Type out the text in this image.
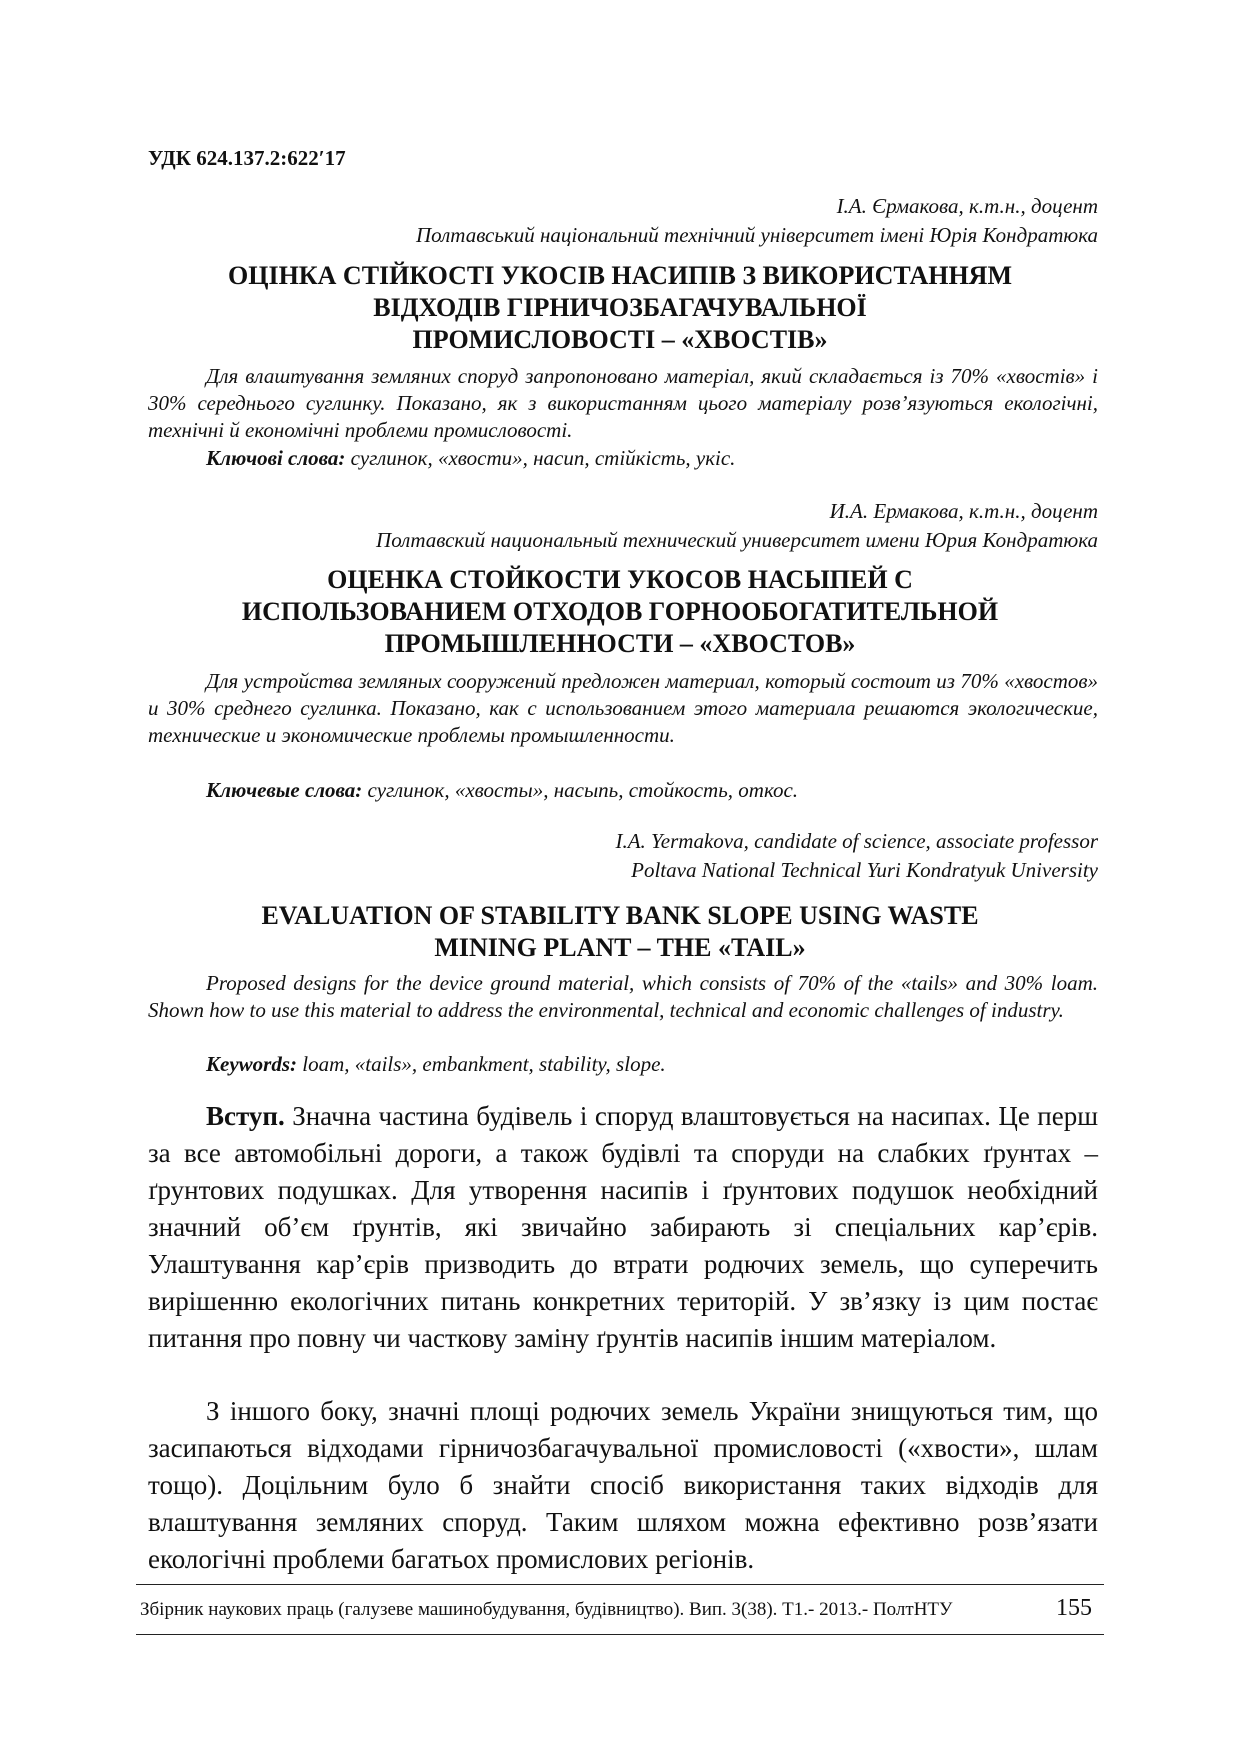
УДК 624.137.2:622′17
І.А. Єрмакова, к.т.н., доцент
Полтавський національний технічний університет імені Юрія Кондратюка
ОЦІНКА СТІЙКОСТІ УКОСІВ НАСИПІВ З ВИКОРИСТАННЯМ
ВІДХОДІВ ГІРНИЧОЗБАГАЧУВАЛЬНОЇ
ПРОМИСЛОВОСТІ – «ХВОСТІВ»

Для влаштування земляних споруд запропоновано матеріал, який складається із 70% «хвостів» і 30% середнього суглинку. Показано, як з використанням цього матеріалу розв’язуються екологічні, технічні й економічні проблеми промисловості.

Ключові слова: суглинок, «хвости», насип, стійкість, укіс.
И.А. Ермакова, к.т.н., доцент
Полтавский национальный технический университет имени Юрия Кондратюка
ОЦЕНКА СТОЙКОСТИ УКОСОВ НАСЫПЕЙ С
ИСПОЛЬЗОВАНИЕМ ОТХОДОВ ГОРНООБОГАТИТЕЛЬНОЙ
ПРОМЫШЛЕННОСТИ – «ХВОСТОВ»

Для устройства земляных сооружений предложен материал, который состоит из 70% «хвостов» и 30% среднего суглинка. Показано, как с использованием этого материала решаются экологические, технические и экономические проблемы промышленности.

Ключевые слова: суглинок, «хвосты», насыпь, стойкость, откос.
I.A. Yermakova, candidate of science, associate professor
Poltava National Technical Yuri Kondratyuk University
EVALUATION OF STABILITY BANK SLOPE USING WASTE
MINING PLANT – THE «TAIL»

Proposed designs for the device ground material, which consists of 70% of the «tails» and 30% loam. Shown how to use this material to address the environmental, technical and economic challenges of industry.

Keywords: loam, «tails», embankment, stability, slope.

Вступ. Значна частина будівель і споруд влаштовується на насипах. Це перш за все автомобільні дороги, а також будівлі та споруди на слабких ґрунтах – ґрунтових подушках. Для утворення насипів і ґрунтових подушок необхідний значний об’єм ґрунтів, які звичайно забирають зі спеціальних кар’єрів. Улаштування кар’єрів призводить до втрати родючих земель, що суперечить вирішенню екологічних питань конкретних територій. У зв’язку із цим постає питання про повну чи часткову заміну ґрунтів насипів іншим матеріалом.

З іншого боку, значні площі родючих земель України знищуються тим, що засипаються відходами гірничозбагачувальної промисловості («хвости», шлам тощо). Доцільним було б знайти спосіб використання таких відходів для влаштування земляних споруд. Таким шляхом можна ефективно розв’язати екологічні проблеми багатьох промислових регіонів.

Збірник наукових праць (галузеве машинобудування, будівництво). Вип. 3(38). Т1.- 2013.- ПолтНТУ	155
